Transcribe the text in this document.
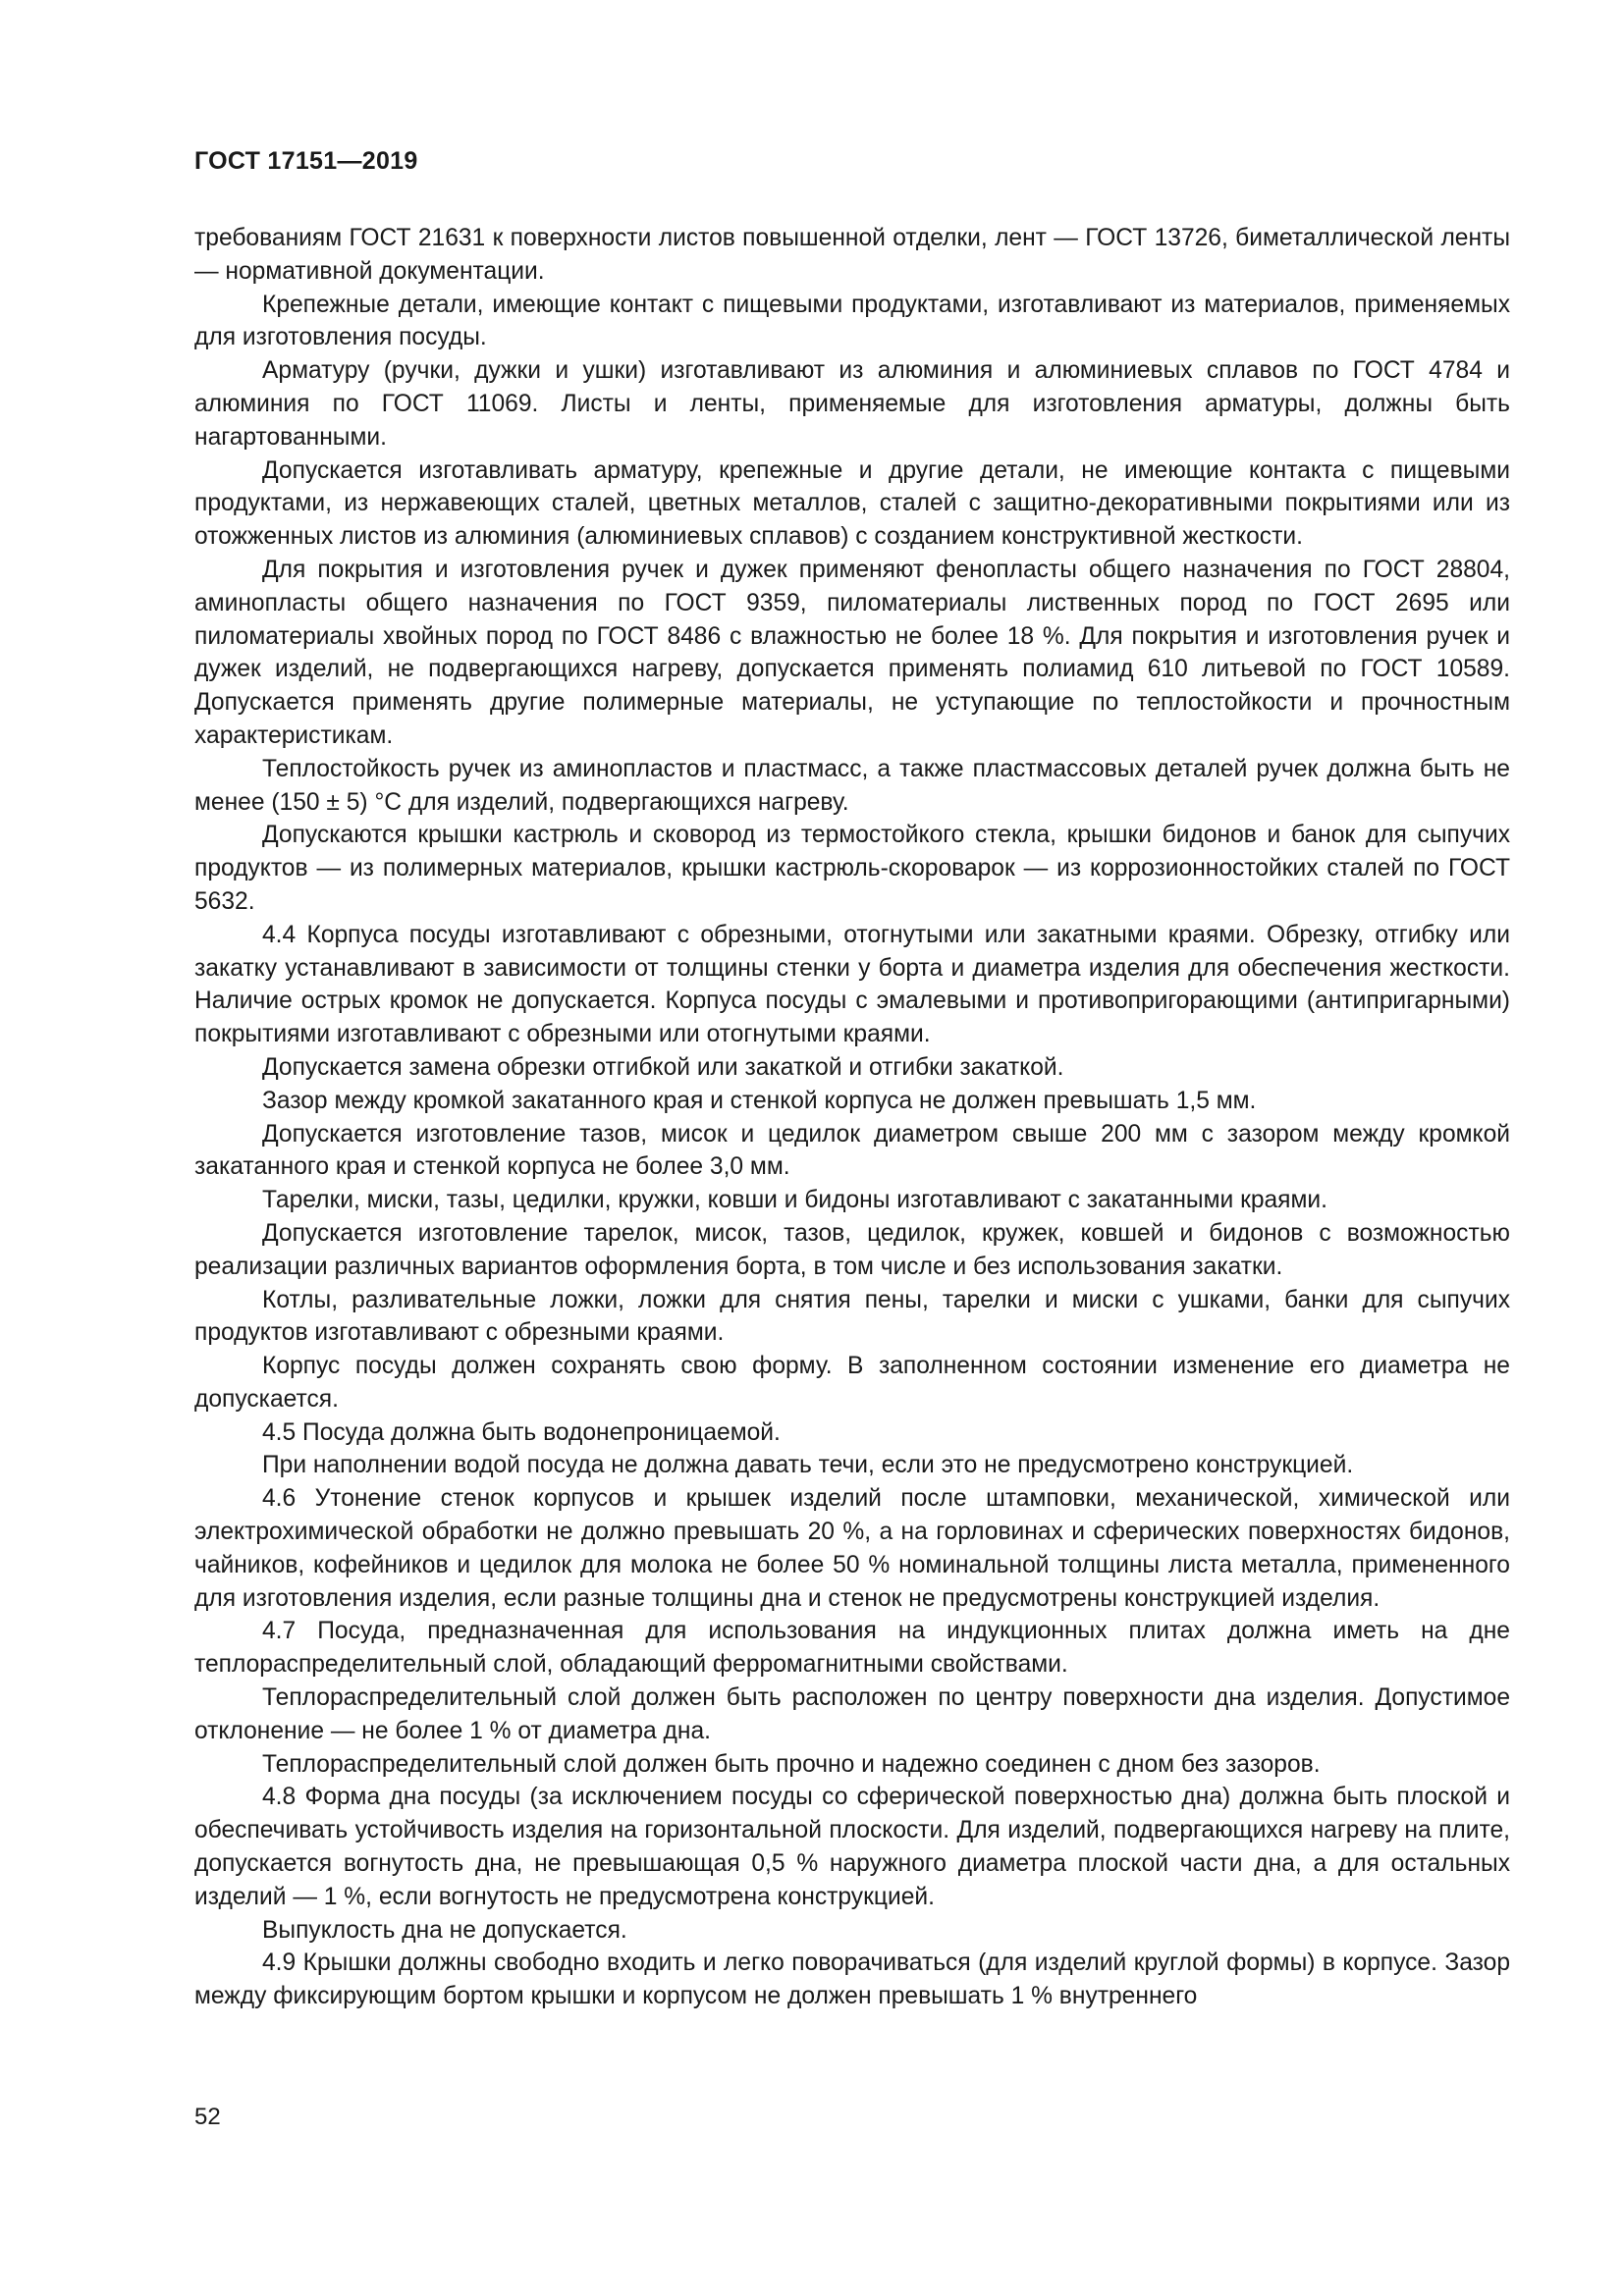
ГОСТ 17151—2019

требованиям ГОСТ 21631 к поверхности листов повышенной отделки, лент — ГОСТ 13726, биметаллической ленты — нормативной документации.

Крепежные детали, имеющие контакт с пищевыми продуктами, изготавливают из материалов, применяемых для изготовления посуды.

Арматуру (ручки, дужки и ушки) изготавливают из алюминия и алюминиевых сплавов по ГОСТ 4784 и алюминия по ГОСТ 11069. Листы и ленты, применяемые для изготовления арматуры, должны быть нагартованными.

Допускается изготавливать арматуру, крепежные и другие детали, не имеющие контакта с пищевыми продуктами, из нержавеющих сталей, цветных металлов, сталей с защитно-декоративными покрытиями или из отожженных листов из алюминия (алюминиевых сплавов) с созданием конструктивной жесткости.

Для покрытия и изготовления ручек и дужек применяют фенопласты общего назначения по ГОСТ 28804, аминопласты общего назначения по ГОСТ 9359, пиломатериалы лиственных пород по ГОСТ 2695 или пиломатериалы хвойных пород по ГОСТ 8486 с влажностью не более 18 %. Для покрытия и изготовления ручек и дужек изделий, не подвергающихся нагреву, допускается применять полиамид 610 литьевой по ГОСТ 10589. Допускается применять другие полимерные материалы, не уступающие по теплостойкости и прочностным характеристикам.

Теплостойкость ручек из аминопластов и пластмасс, а также пластмассовых деталей ручек должна быть не менее (150 ± 5) °С для изделий, подвергающихся нагреву.

Допускаются крышки кастрюль и сковород из термостойкого стекла, крышки бидонов и банок для сыпучих продуктов — из полимерных материалов, крышки кастрюль-скороварок — из коррозионностойких сталей по ГОСТ 5632.

4.4 Корпуса посуды изготавливают с обрезными, отогнутыми или закатными краями. Обрезку, отгибку или закатку устанавливают в зависимости от толщины стенки у борта и диаметра изделия для обеспечения жесткости. Наличие острых кромок не допускается. Корпуса посуды с эмалевыми и противопригорающими (антипригарными) покрытиями изготавливают с обрезными или отогнутыми краями.

Допускается замена обрезки отгибкой или закаткой и отгибки закаткой.

Зазор между кромкой закатанного края и стенкой корпуса не должен превышать 1,5 мм.

Допускается изготовление тазов, мисок и цедилок диаметром свыше 200 мм с зазором между кромкой закатанного края и стенкой корпуса не более 3,0 мм.

Тарелки, миски, тазы, цедилки, кружки, ковши и бидоны изготавливают с закатанными краями.

Допускается изготовление тарелок, мисок, тазов, цедилок, кружек, ковшей и бидонов с возможностью реализации различных вариантов оформления борта, в том числе и без использования закатки.

Котлы, разливательные ложки, ложки для снятия пены, тарелки и миски с ушками, банки для сыпучих продуктов изготавливают с обрезными краями.

Корпус посуды должен сохранять свою форму. В заполненном состоянии изменение его диаметра не допускается.

4.5 Посуда должна быть водонепроницаемой.

При наполнении водой посуда не должна давать течи, если это не предусмотрено конструкцией.

4.6 Утонение стенок корпусов и крышек изделий после штамповки, механической, химической или электрохимической обработки не должно превышать 20 %, а на горловинах и сферических поверхностях бидонов, чайников, кофейников и цедилок для молока не более 50 % номинальной толщины листа металла, примененного для изготовления изделия, если разные толщины дна и стенок не предусмотрены конструкцией изделия.

4.7 Посуда, предназначенная для использования на индукционных плитах должна иметь на дне теплораспределительный слой, обладающий ферромагнитными свойствами.

Теплораспределительный слой должен быть расположен по центру поверхности дна изделия. Допустимое отклонение — не более 1 % от диаметра дна.

Теплораспределительный слой должен быть прочно и надежно соединен с дном без зазоров.

4.8 Форма дна посуды (за исключением посуды со сферической поверхностью дна) должна быть плоской и обеспечивать устойчивость изделия на горизонтальной плоскости. Для изделий, подвергающихся нагреву на плите, допускается вогнутость дна, не превышающая 0,5 % наружного диаметра плоской части дна, а для остальных изделий — 1 %, если вогнутость не предусмотрена конструкцией.

Выпуклость дна не допускается.

4.9 Крышки должны свободно входить и легко поворачиваться (для изделий круглой формы) в корпусе. Зазор между фиксирующим бортом крышки и корпусом не должен превышать 1 % внутреннего

52
